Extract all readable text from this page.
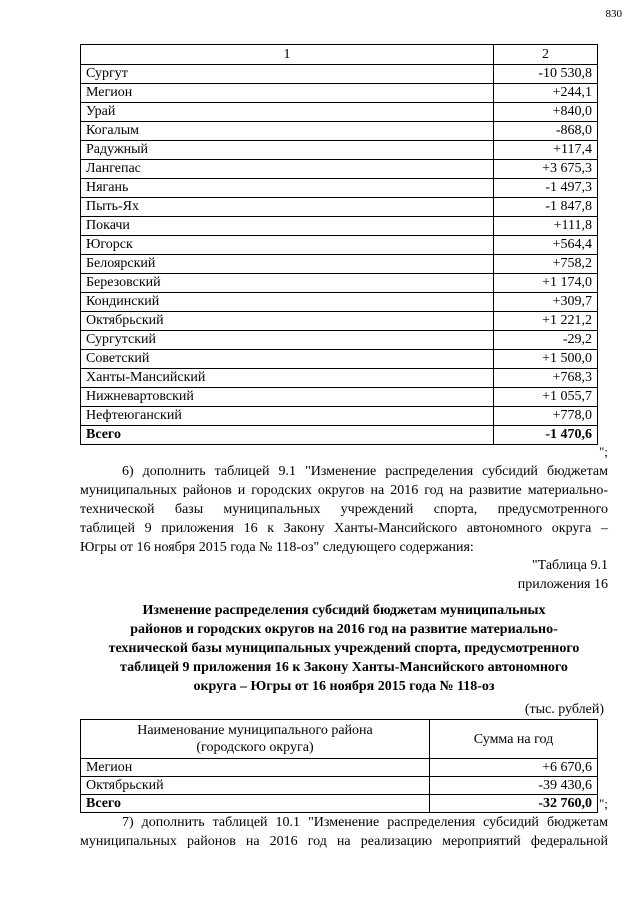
830
1	2
Сургут	-10 530,8
Мегион	+244,1
Урай	+840,0
Когалым	-868,0
Радужный	+117,4
Лангепас	+3 675,3
Нягань	-1 497,3
Пыть-Ях	-1 847,8
Покачи	+111,8
Югорск	+564,4
Белоярский	+758,2
Березовский	+1 174,0
Кондинский	+309,7
Октябрьский	+1 221,2
Сургутский	-29,2
Советский	+1 500,0
Ханты-Мансийский	+768,3
Нижневартовский	+1 055,7
Нефтеюганский	+778,0
Всего	-1 470,6
";
6) дополнить таблицей 9.1 "Изменение распределения субсидий бюджетам
муниципальных районов и городских округов на 2016 год на развитие материально-
технической базы муниципальных учреждений спорта, предусмотренного
таблицей 9 приложения 16 к Закону Ханты-Мансийского автономного округа –
Югры от 16 ноября 2015 года № 118-оз" следующего содержания:
"Таблица 9.1
приложения 16
Изменение распределения субсидий бюджетам муниципальных
районов и городских округов на 2016 год на развитие материально-
технической базы муниципальных учреждений спорта, предусмотренного
таблицей 9 приложения 16 к Закону Ханты-Мансийского автономного
округа – Югры от 16 ноября 2015 года № 118-оз
(тыс. рублей)
Наименование муниципального района
(городского округа)	Сумма на год
Мегион	+6 670,6
Октябрьский	-39 430,6
Всего	-32 760,0 ";
7) дополнить таблицей 10.1 "Изменение распределения субсидий бюджетам
муниципальных районов на 2016 год на реализацию мероприятий федеральной
